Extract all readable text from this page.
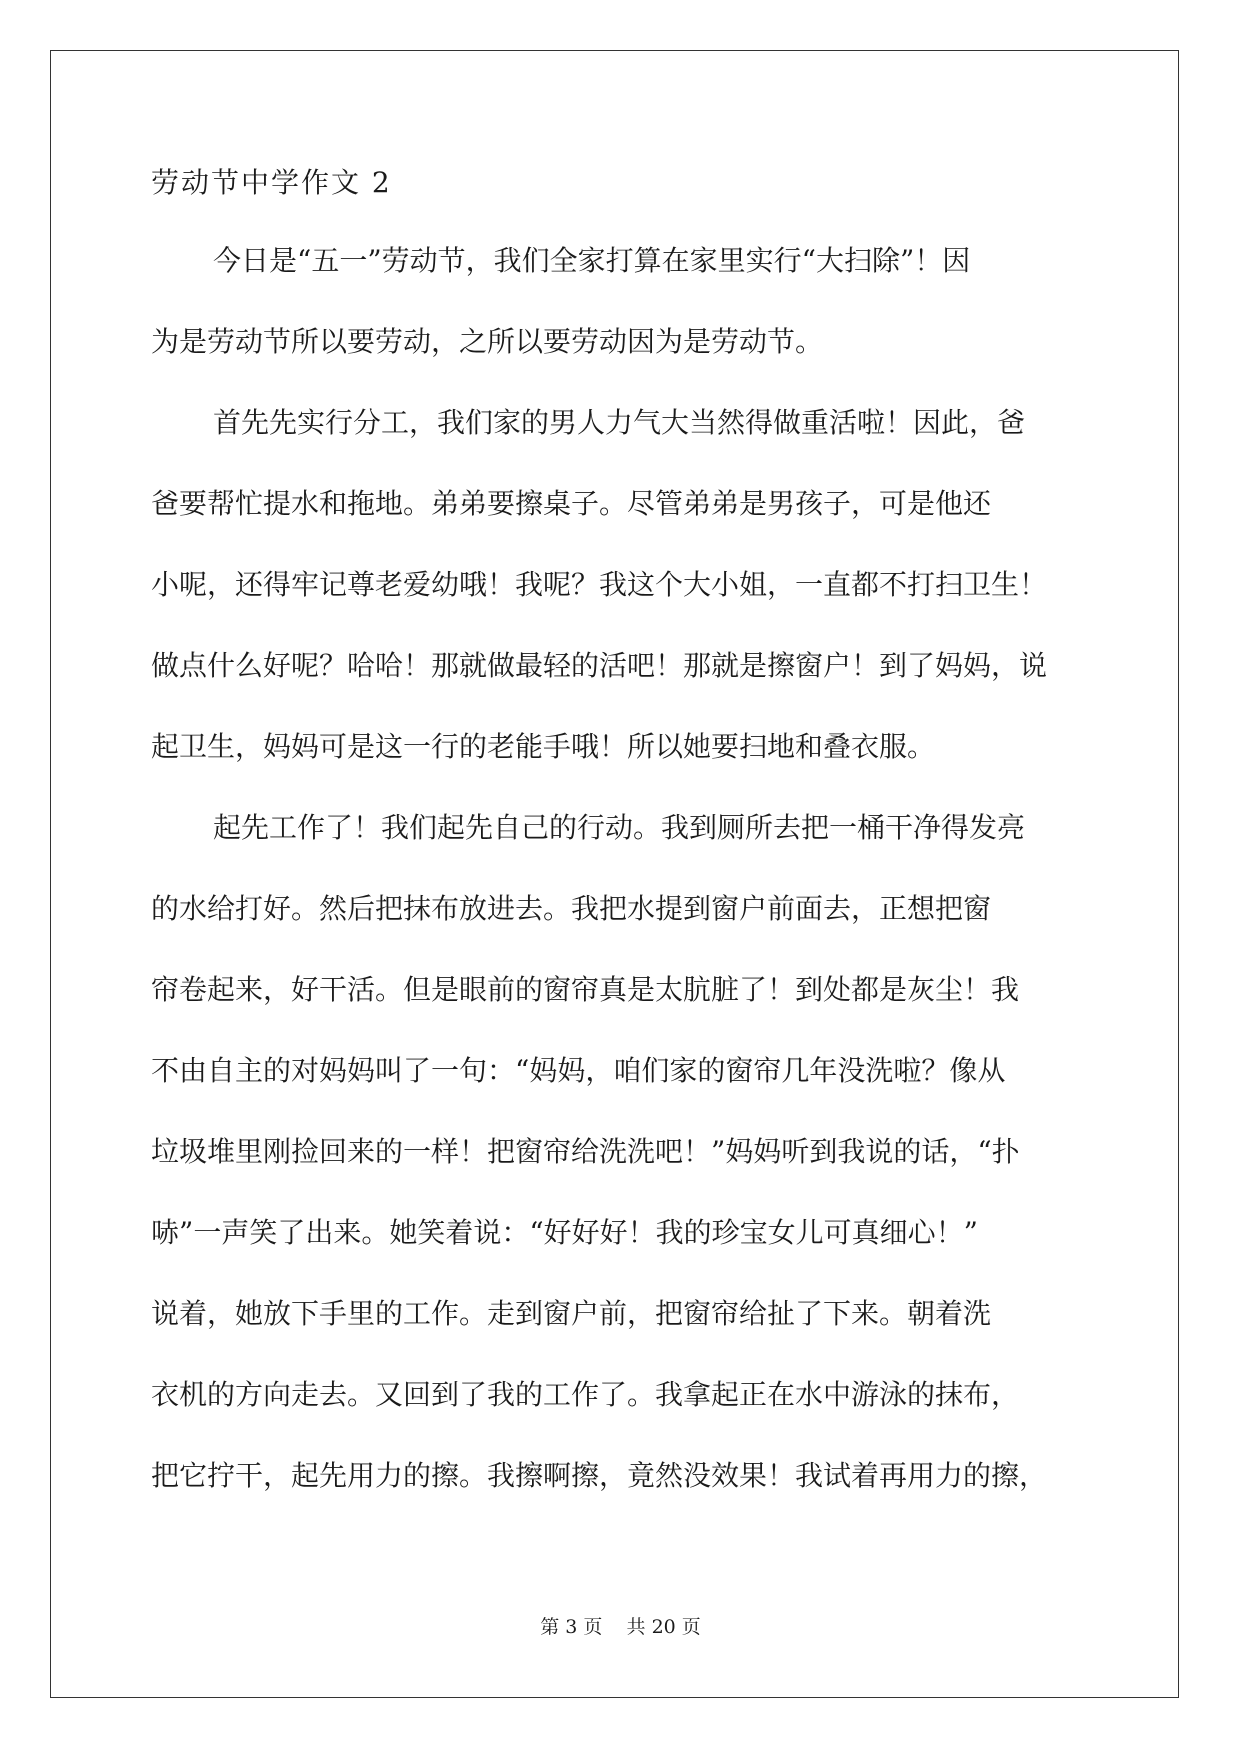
劳动节中学作文 2
今日是“五一”劳动节，我们全家打算在家里实行“大扫除”！因
为是劳动节所以要劳动，之所以要劳动因为是劳动节。
首先先实行分工，我们家的男人力气大当然得做重活啦！因此，爸
爸要帮忙提水和拖地。弟弟要擦桌子。尽管弟弟是男孩子，可是他还
小呢，还得牢记尊老爱幼哦！我呢？我这个大小姐，一直都不打扫卫生！
做点什么好呢？哈哈！那就做最轻的活吧！那就是擦窗户！到了妈妈，说
起卫生，妈妈可是这一行的老能手哦！所以她要扫地和叠衣服。
起先工作了！我们起先自己的行动。我到厕所去把一桶干净得发亮
的水给打好。然后把抹布放进去。我把水提到窗户前面去，正想把窗
帘卷起来，好干活。但是眼前的窗帘真是太肮脏了！到处都是灰尘！我
不由自主的对妈妈叫了一句：“妈妈，咱们家的窗帘几年没洗啦？像从
垃圾堆里刚捡回来的一样！把窗帘给洗洗吧！”妈妈听到我说的话，“扑
哧”一声笑了出来。她笑着说：“好好好！我的珍宝女儿可真细心！”
说着，她放下手里的工作。走到窗户前，把窗帘给扯了下来。朝着洗
衣机的方向走去。又回到了我的工作了。我拿起正在水中游泳的抹布，
把它拧干，起先用力的擦。我擦啊擦，竟然没效果！我试着再用力的擦，
第 3 页    共 20 页
